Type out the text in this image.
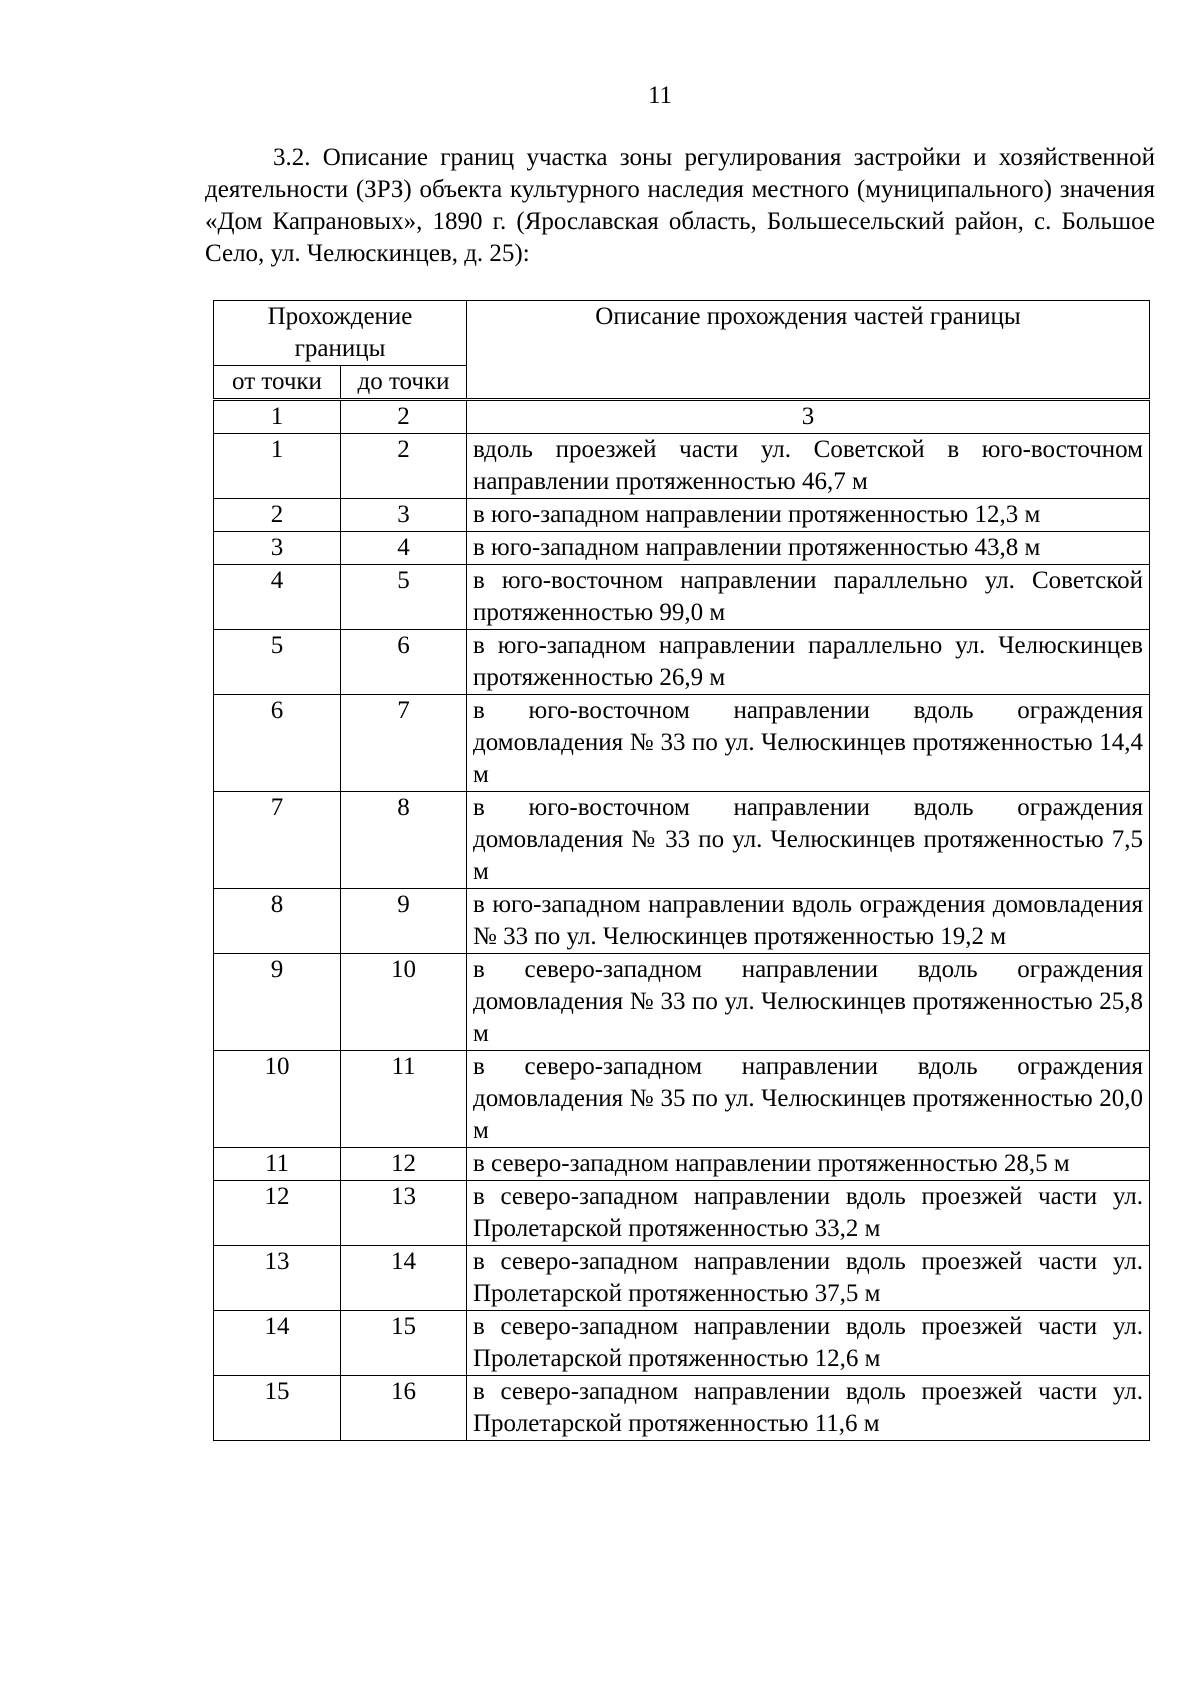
11

3.2. Описание границ участка зоны регулирования застройки и хозяйственной деятельности (ЗРЗ) объекта культурного наследия местного (муниципального) значения «Дом Капрановых», 1890 г. (Ярославская область, Большесельский район, с. Большое Село, ул. Челюскинцев, д. 25):

Прохождение границы		Описание прохождения частей границы
от точки	до точки	
1	2	3
1	2	вдоль проезжей части ул. Советской в юго-восточном направлении протяженностью 46,7 м
2	3	в юго-западном направлении протяженностью 12,3 м
3	4	в юго-западном направлении протяженностью 43,8 м
4	5	в юго-восточном направлении параллельно ул. Советской протяженностью 99,0 м
5	6	в юго-западном направлении параллельно ул. Челюскинцев протяженностью 26,9 м
6	7	в юго-восточном направлении вдоль ограждения домовладения № 33 по ул. Челюскинцев протяженностью 14,4 м
7	8	в юго-восточном направлении вдоль ограждения домовладения № 33 по ул. Челюскинцев протяженностью 7,5 м
8	9	в юго-западном направлении вдоль ограждения домовладения № 33 по ул. Челюскинцев протяженностью 19,2 м
9	10	в северо-западном направлении вдоль ограждения домовладения № 33 по ул. Челюскинцев протяженностью 25,8 м
10	11	в северо-западном направлении вдоль ограждения домовладения № 35 по ул. Челюскинцев протяженностью 20,0 м
11	12	в северо-западном направлении протяженностью 28,5 м
12	13	в северо-западном направлении вдоль проезжей части ул. Пролетарской протяженностью 33,2 м
13	14	в северо-западном направлении вдоль проезжей части ул. Пролетарской протяженностью 37,5 м
14	15	в северо-западном направлении вдоль проезжей части ул. Пролетарской протяженностью 12,6 м
15	16	в северо-западном направлении вдоль проезжей части ул. Пролетарской протяженностью 11,6 м
